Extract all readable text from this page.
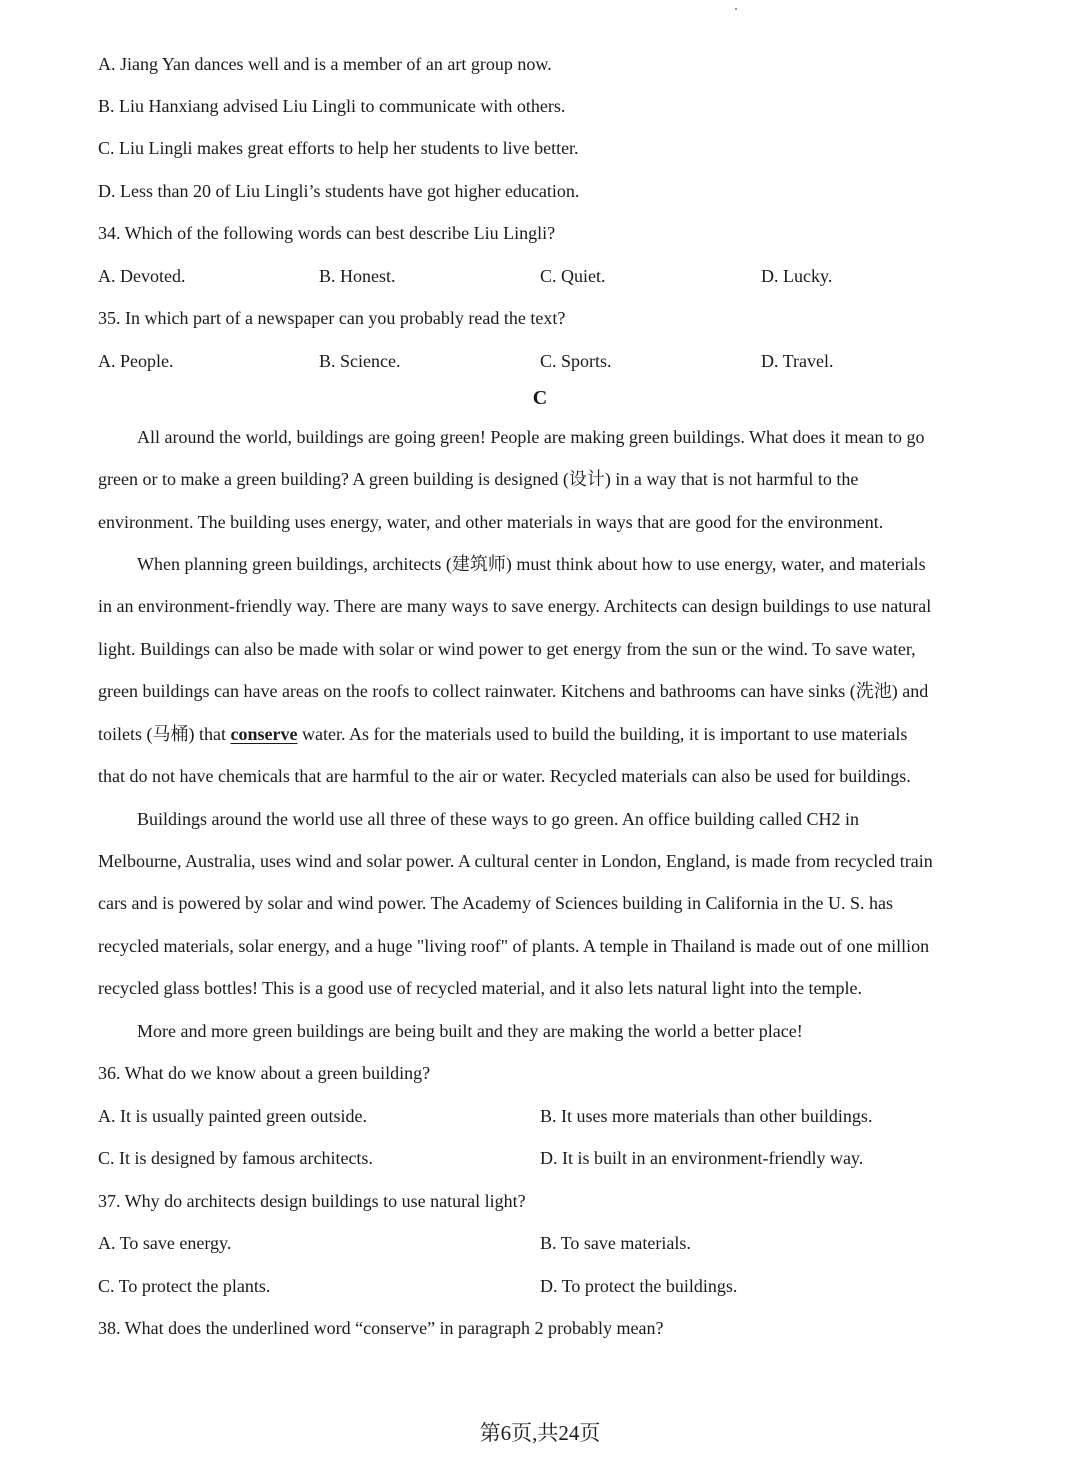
A. Jiang Yan dances well and is a member of an art group now.
B. Liu Hanxiang advised Liu Lingli to communicate with others.
C. Liu Lingli makes great efforts to help her students to live better.
D. Less than 20 of Liu Lingli’s students have got higher education.
34. Which of the following words can best describe Liu Lingli?
A. Devoted.	B. Honest.	C. Quiet.	D. Lucky.
35. In which part of a newspaper can you probably read the text?
A. People.	B. Science.	C. Sports.	D. Travel.
C
All around the world, buildings are going green! People are making green buildings. What does it mean to go
green or to make a green building? A green building is designed (设计) in a way that is not harmful to the
environment. The building uses energy, water, and other materials in ways that are good for the environment.
When planning green buildings, architects (建筑师) must think about how to use energy, water, and materials
in an environment-friendly way. There are many ways to save energy. Architects can design buildings to use natural
light. Buildings can also be made with solar or wind power to get energy from the sun or the wind. To save water,
green buildings can have areas on the roofs to collect rainwater. Kitchens and bathrooms can have sinks (洗池) and
toilets (马桶) that conserve water. As for the materials used to build the building, it is important to use materials
that do not have chemicals that are harmful to the air or water. Recycled materials can also be used for buildings.
Buildings around the world use all three of these ways to go green. An office building called CH2 in
Melbourne, Australia, uses wind and solar power. A cultural center in London, England, is made from recycled train
cars and is powered by solar and wind power. The Academy of Sciences building in California in the U. S. has
recycled materials, solar energy, and a huge "living roof" of plants. A temple in Thailand is made out of one million
recycled glass bottles! This is a good use of recycled material, and it also lets natural light into the temple.
More and more green buildings are being built and they are making the world a better place!
36. What do we know about a green building?
A. It is usually painted green outside.	B. It uses more materials than other buildings.
C. It is designed by famous architects.	D. It is built in an environment-friendly way.
37. Why do architects design buildings to use natural light?
A. To save energy.	B. To save materials.
C. To protect the plants.	D. To protect the buildings.
38. What does the underlined word “conserve” in paragraph 2 probably mean?
第6页,共24页
